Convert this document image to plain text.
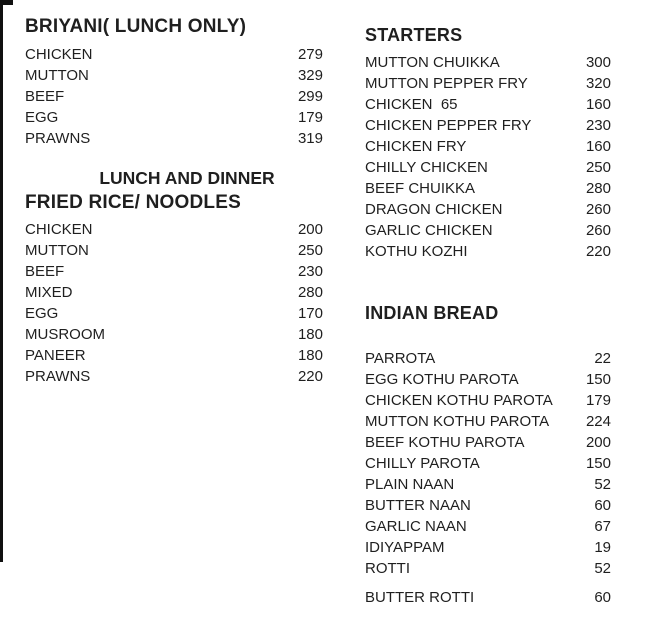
BRIYANI( LUNCH ONLY)
CHICKEN	279
MUTTON	329
BEEF	299
EGG	179
PRAWNS	319
LUNCH AND DINNER
FRIED RICE/ NOODLES
CHICKEN	200
MUTTON	250
BEEF	230
MIXED	280
EGG	170
MUSROOM	180
PANEER	180
PRAWNS	220
STARTERS
MUTTON CHUIKKA	300
MUTTON PEPPER FRY	320
CHICKEN  65	160
CHICKEN PEPPER FRY	230
CHICKEN FRY	160
CHILLY CHICKEN	250
BEEF CHUIKKA	280
DRAGON CHICKEN	260
GARLIC CHICKEN	260
KOTHU KOZHI	220
INDIAN BREAD
PARROTA	22
EGG KOTHU PAROTA	150
CHICKEN KOTHU PAROTA 179
MUTTON KOTHU PAROTA 224
BEEF KOTHU PAROTA	200
CHILLY PAROTA	150
PLAIN NAAN	52
BUTTER NAAN	60
GARLIC NAAN	67
IDIYAPPAM	19
ROTTI	52
BUTTER ROTTI	60
